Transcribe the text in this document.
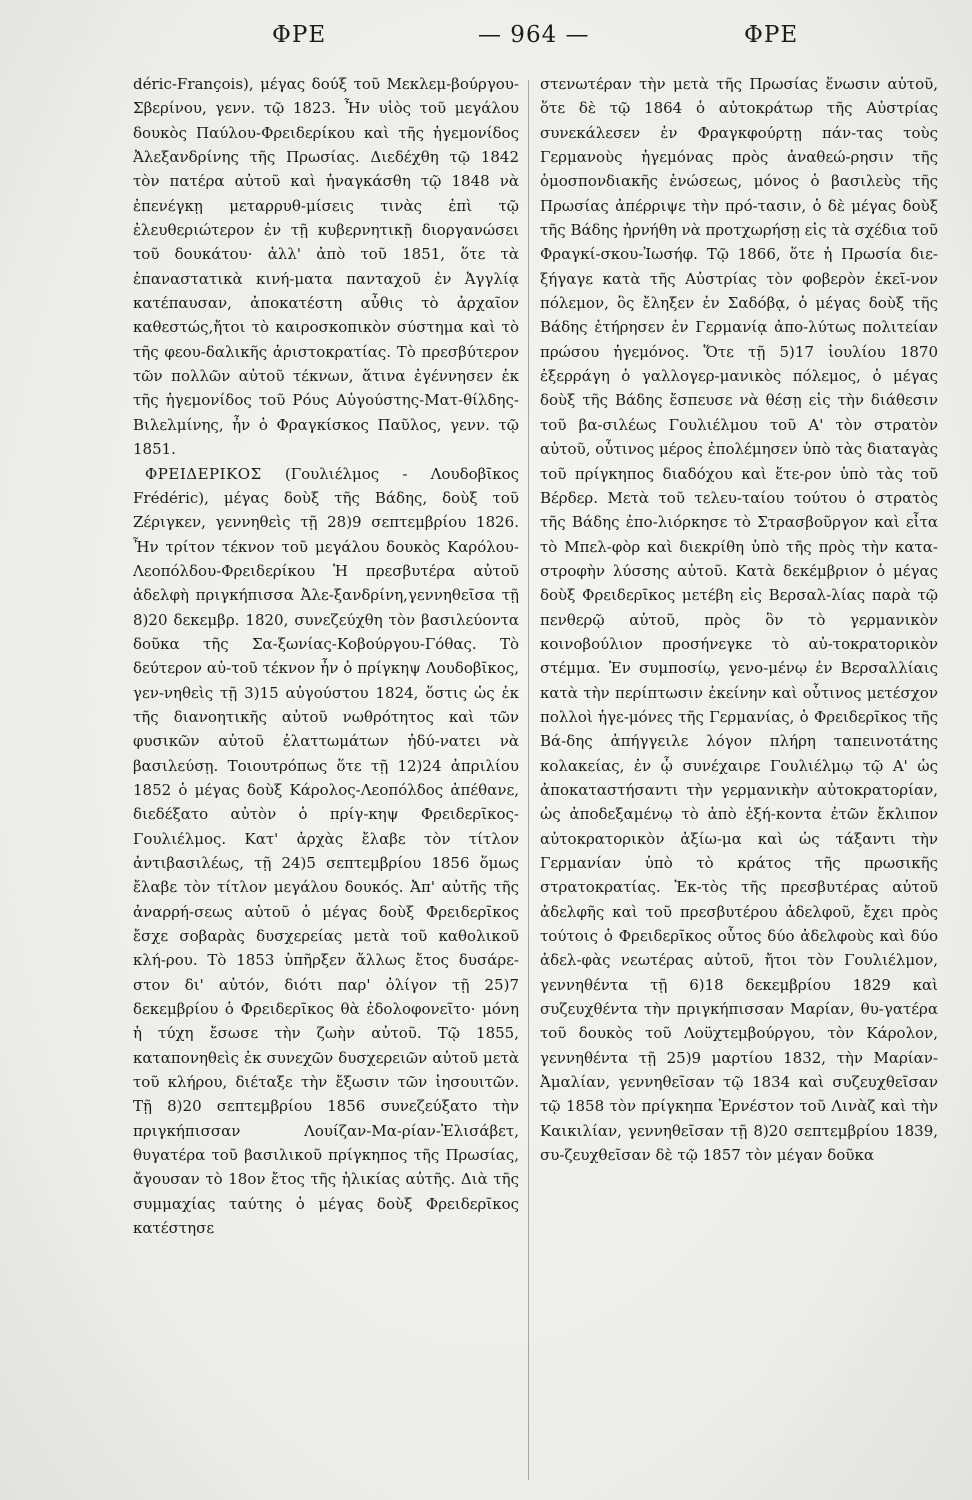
ΦΡΕ	— 964 —	ΦΡΕ

déric-François), μέγας δούξ τοῦ Μεκλεμ-βούργου-Σβερίνου, γενν. τῷ 1823. Ἦν υἱὸς τοῦ μεγάλου δουκὸς Παύλου-Φρειδερίκου καὶ τῆς ἡγεμονίδος Ἀλεξανδρίνης τῆς Πρωσίας. Διεδέχθη τῷ 1842 τὸν πατέρα αὐτοῦ καὶ ἠναγκάσθη τῷ 1848 νὰ ἐπενέγκῃ μεταρρυθ-μίσεις τινὰς ἐπὶ τῷ ἐλευθεριώτερον ἐν τῇ κυβερνητικῇ διοργανώσει τοῦ δουκάτου· ἀλλ' ἀπὸ τοῦ 1851, ὅτε τὰ ἐπαναστατικὰ κινή-ματα πανταχοῦ ἐν Ἀγγλίᾳ κατέπαυσαν, ἀποκατέστη αὖθις τὸ ἀρχαῖον καθεστώς,ἤτοι τὸ καιροσκοπικὸν σύστημα καὶ τὸ τῆς φεου-δαλικῆς ἀριστοκρατίας. Τὸ πρεσβύτερον τῶν πολλῶν αὐτοῦ τέκνων, ἅτινα ἐγέννησεν ἐκ τῆς ἡγεμονίδος τοῦ Ρόυς Αὐγούστης-Ματ-θίλδης-Βιλελμίνης, ἦν ὁ Φραγκίσκος Παῦλος, γενν. τῷ 1851.

ΦΡΕΙΔΕΡΙΚΟΣ (Γουλιέλμος - Λουδοβῖκος Frédéric), μέγας δοὺξ τῆς Βάδης, δοὺξ τοῦ Ζέριγκεν, γεννηθεὶς τῇ 28)9 σεπτεμβρίου 1826. Ἦν τρίτον τέκνον τοῦ μεγάλου δουκὸς Καρόλου-Λεοπόλδου-Φρειδερίκου Ἡ πρεσβυτέρα αὐτοῦ ἀδελφὴ πριγκήπισσα Ἀλε-ξανδρίνη,γεννηθεῖσα τῇ 8)20 δεκεμβρ. 1820, συνεζεύχθη τὸν βασιλεύοντα δοῦκα τῆς Σα-ξωνίας-Κοβούργου-Γόθας. Τὸ δεύτερον αὐ-τοῦ τέκνον ἦν ὁ πρίγκηψ Λουδοβῖκος, γεν-νηθεὶς τῇ 3)15 αὐγούστου 1824, ὅστις ὡς ἐκ τῆς διανοητικῆς αὐτοῦ νωθρότητος καὶ τῶν φυσικῶν αὐτοῦ ἐλαττωμάτων ἠδύ-νατει νὰ βασιλεύσῃ. Τοιουτρόπως ὅτε τῇ 12)24 ἀπριλίου 1852 ὁ μέγας δοὺξ Κάρολος-Λεοπόλδος ἀπέθανε, διεδέξατο αὐτὸν ὁ πρίγ-κηψ Φρειδερῖκος-Γουλιέλμος. Κατ' ἀρχὰς ἔλαβε τὸν τίτλον ἀντιβασιλέως, τῇ 24)5 σεπτεμβρίου 1856 ὅμως ἔλαβε τὸν τίτλον μεγάλου δουκός. Ἀπ' αὐτῆς τῆς ἀναρρή-σεως αὐτοῦ ὁ μέγας δοὺξ Φρειδερῖκος ἔσχε σοβαρὰς δυσχερείας μετὰ τοῦ καθολικοῦ κλή-ρου. Τὸ 1853 ὑπῆρξεν ἄλλως ἔτος δυσάρε-στον δι' αὐτόν, διότι παρ' ὀλίγον τῇ 25)7 δεκεμβρίου ὁ Φρειδερῖκος θὰ ἐδολοφονεῖτο· μόνη ἡ τύχη ἔσωσε τὴν ζωὴν αὐτοῦ. Τῷ 1855, καταπονηθεὶς ἐκ συνεχῶν δυσχερειῶν αὐτοῦ μετὰ τοῦ κλήρου, διέταξε τὴν ἔξωσιν τῶν ἰησουιτῶν. Τῇ 8)20 σεπτεμβρίου 1856 συνεζεύξατο τὴν πριγκήπισσαν Λουίζαν-Μα-ρίαν-Ἐλισάβετ, θυγατέρα τοῦ βασιλικοῦ πρίγκηπος τῆς Πρωσίας, ἄγουσαν τὸ 18ον ἔτος τῆς ἡλικίας αὐτῆς. Διὰ τῆς συμμαχίας ταύτης ὁ μέγας δοὺξ Φρειδερῖκος κατέστησε

στενωτέραν τὴν μετὰ τῆς Πρωσίας ἕνωσιν αὐτοῦ, ὅτε δὲ τῷ 1864 ὁ αὐτοκράτωρ τῆς Αὐστρίας συνεκάλεσεν ἐν Φραγκφούρτῃ πάν-τας τοὺς Γερμανοὺς ἡγεμόνας πρὸς ἀναθεώ-ρησιν τῆς ὁμοσπονδιακῆς ἑνώσεως, μόνος ὁ βασιλεὺς τῆς Πρωσίας ἀπέρριψε τὴν πρό-τασιν, ὁ δὲ μέγας δοὺξ τῆς Βάδης ἠρνήθη νὰ προτχωρήσῃ εἰς τὰ σχέδια τοῦ Φραγκί-σκου-Ἰωσήφ. Τῷ 1866, ὅτε ἡ Πρωσία διε-ξήγαγε κατὰ τῆς Αὐστρίας τὸν φοβερὸν ἐκεῖ-νον πόλεμον, ὃς ἔληξεν ἐν Σαδόβᾳ, ὁ μέγας δοὺξ τῆς Βάδης ἐτήρησεν ἐν Γερμανίᾳ ἀπο-λύτως πολιτείαν πρώσου ἡγεμόνος. Ὅτε τῇ 5)17 ἰουλίου 1870 ἐξερράγη ὁ γαλλογερ-μανικὸς πόλεμος, ὁ μέγας δοὺξ τῆς Βάδης ἔσπευσε νὰ θέσῃ εἰς τὴν διάθεσιν τοῦ βα-σιλέως Γουλιέλμου τοῦ Α' τὸν στρατὸν αὐτοῦ, οὗτινος μέρος ἐπολέμησεν ὑπὸ τὰς διαταγὰς τοῦ πρίγκηπος διαδόχου καὶ ἕτε-ρον ὑπὸ τὰς τοῦ Βέρδερ. Μετὰ τοῦ τελευ-ταίου τούτου ὁ στρατὸς τῆς Βάδης ἐπο-λιόρκησε τὸ Στρασβοῦργον καὶ εἶτα τὸ Μπελ-φὸρ καὶ διεκρίθη ὑπὸ τῆς πρὸς τὴν κατα-στροφὴν λύσσης αὐτοῦ. Κατὰ δεκέμβριον ὁ μέγας δοὺξ Φρειδερῖκος μετέβη εἰς Βερσαλ-λίας παρὰ τῷ πενθερῷ αὐτοῦ, πρὸς ὃν τὸ γερμανικὸν κοινοβούλιον προσήνεγκε τὸ αὐ-τοκρατορικὸν στέμμα. Ἐν συμποσίῳ, γενο-μένῳ ἐν Βερσαλλίαις κατὰ τὴν περίπτωσιν ἐκείνην καὶ οὗτινος μετέσχον πολλοὶ ἡγε-μόνες τῆς Γερμανίας, ὁ Φρειδερῖκος τῆς Βά-δης ἀπήγγειλε λόγον πλήρη ταπεινοτάτης κολακείας, ἐν ᾧ συνέχαιρε Γουλιέλμῳ τῷ Α' ὡς ἀποκαταστήσαντι τὴν γερμανικὴν αὐτοκρατορίαν, ὡς ἀποδεξαμένῳ τὸ ἀπὸ ἑξή-κοντα ἐτῶν ἔκλιπον αὐτοκρατορικὸν ἀξίω-μα καὶ ὡς τάξαντι τὴν Γερμανίαν ὑπὸ τὸ κράτος τῆς πρωσικῆς στρατοκρατίας. Ἐκ-τὸς τῆς πρεσβυτέρας αὐτοῦ ἀδελφῆς καὶ τοῦ πρεσβυτέρου ἀδελφοῦ, ἔχει πρὸς τούτοις ὁ Φρειδερῖκος οὗτος δύο ἀδελφοὺς καὶ δύο ἀδελ-φὰς νεωτέρας αὐτοῦ, ἤτοι τὸν Γουλιέλμον, γεννηθέντα τῇ 6)18 δεκεμβρίου 1829 καὶ συζευχθέντα τὴν πριγκήπισσαν Μαρίαν, θυ-γατέρα τοῦ δουκὸς τοῦ Λοϋχτεμβούργου, τὸν Κάρολον, γεννηθέντα τῇ 25)9 μαρτίου 1832, τὴν Μαρίαν-Ἀμαλίαν, γεννηθεῖσαν τῷ 1834 καὶ συζευχθεῖσαν τῷ 1858 τὸν πρίγκηπα Ἐρνέστον τοῦ Λινὰζ καὶ τὴν Καικιλίαν, γεννηθεῖσαν τῇ 8)20 σεπτεμβρίου 1839, συ-ζευχθεῖσαν δὲ τῷ 1857 τὸν μέγαν δοῦκα
